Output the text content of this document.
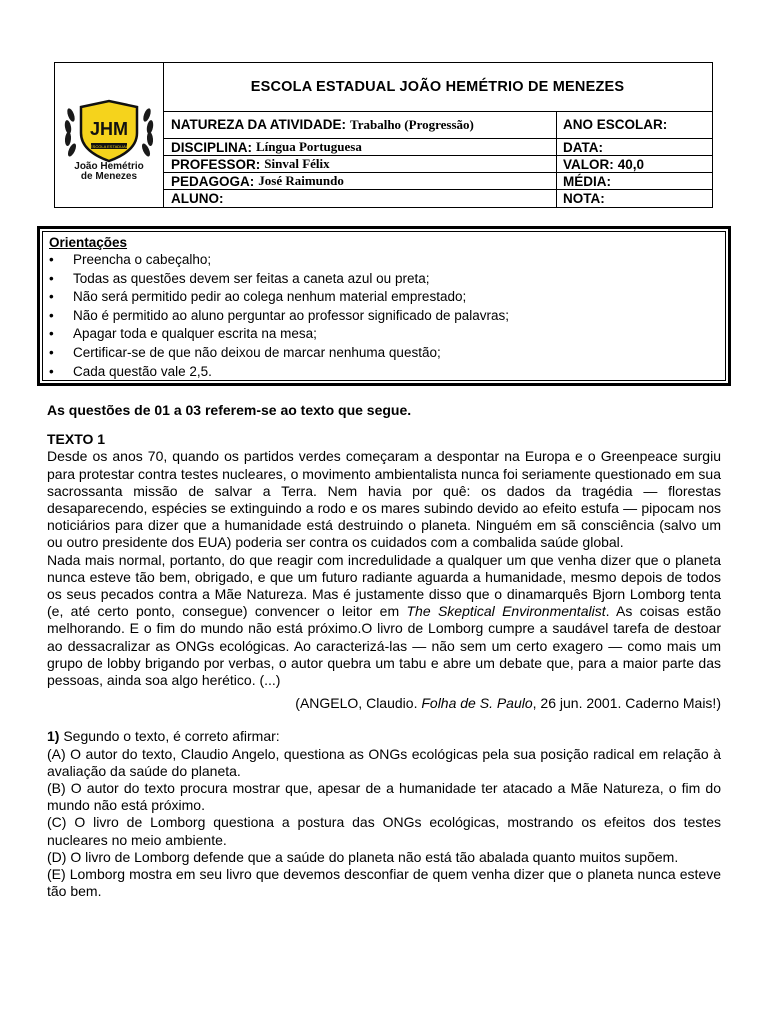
JHM
ESCOLA ESTADUAL
João Hemétrio
de Menezes
ESCOLA ESTADUAL JOÃO HEMÉTRIO DE MENEZES
NATUREZA DA ATIVIDADE: Trabalho (Progressão)	ANO ESCOLAR:
DISCIPLINA: Língua Portuguesa	DATA:
PROFESSOR: Sinval Félix	VALOR: 40,0
PEDAGOGA: José Raimundo	MÉDIA:
ALUNO:	NOTA:
Orientações
• Preencha o cabeçalho;
• Todas as questões devem ser feitas a caneta azul ou preta;
• Não será permitido pedir ao colega nenhum material emprestado;
• Não é permitido ao aluno perguntar ao professor significado de palavras;
• Apagar toda e qualquer escrita na mesa;
• Certificar-se de que não deixou de marcar nenhuma questão;
• Cada questão vale 2,5.

As questões de 01 a 03 referem-se ao texto que segue.

TEXTO 1

Desde os anos 70, quando os partidos verdes começaram a despontar na Europa e o Greenpeace surgiu para protestar contra testes nucleares, o movimento ambientalista nunca foi seriamente questionado em sua sacrossanta missão de salvar a Terra. Nem havia por quê: os dados da tragédia — florestas desaparecendo, espécies se extinguindo a rodo e os mares subindo devido ao efeito estufa — pipocam nos noticiários para dizer que a humanidade está destruindo o planeta. Ninguém em sã consciência (salvo um ou outro presidente dos EUA) poderia ser contra os cuidados com a combalida saúde global.

Nada mais normal, portanto, do que reagir com incredulidade a qualquer um que venha dizer que o planeta nunca esteve tão bem, obrigado, e que um futuro radiante aguarda a humanidade, mesmo depois de todos os seus pecados contra a Mãe Natureza. Mas é justamente disso que o dinamarquês Bjorn Lomborg tenta (e, até certo ponto, consegue) convencer o leitor em The Skeptical Environmentalist. As coisas estão melhorando. E o fim do mundo não está próximo.O livro de Lomborg cumpre a saudável tarefa de destoar ao dessacralizar as ONGs ecológicas. Ao caracterizá-las — não sem um certo exagero — como mais um grupo de lobby brigando por verbas, o autor quebra um tabu e abre um debate que, para a maior parte das pessoas, ainda soa algo herético. (...)

(ANGELO, Claudio. Folha de S. Paulo, 26 jun. 2001. Caderno Mais!)

1) Segundo o texto, é correto afirmar:

(A) O autor do texto, Claudio Angelo, questiona as ONGs ecológicas pela sua posição radical em relação à avaliação da saúde do planeta.

(B) O autor do texto procura mostrar que, apesar de a humanidade ter atacado a Mãe Natureza, o fim do mundo não está próximo.

(C) O livro de Lomborg questiona a postura das ONGs ecológicas, mostrando os efeitos dos testes nucleares no meio ambiente.

(D) O livro de Lomborg defende que a saúde do planeta não está tão abalada quanto muitos supõem.

(E) Lomborg mostra em seu livro que devemos desconfiar de quem venha dizer que o planeta nunca esteve tão bem.
